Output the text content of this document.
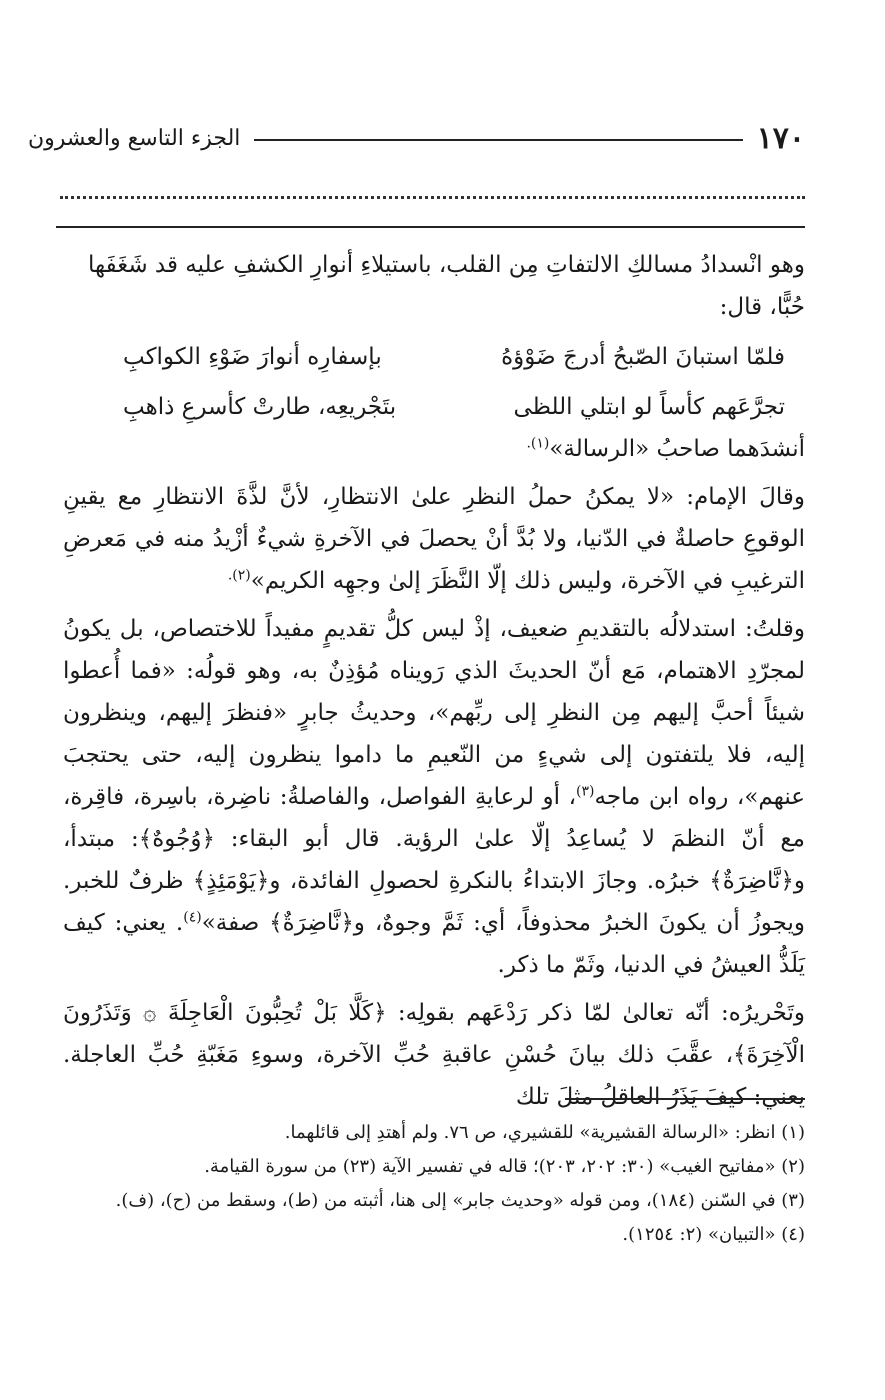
١٧٠
الجزء التاسع والعشرون

وهو انْسدادُ مسالكِ الالتفاتِ مِن القلب، باستيلاءِ أنوارِ الكشفِ عليه قد شَغَفَها حُبًّا، قال:

فلمّا استبانَ الصّبحُ أدرجَ ضَوْؤهُ
بإسفارِه أنوارَ ضَوْءِ الكواكبِ
تجرَّعَهم كأساً لو ابتلي اللظى
بتَجْريعِه، طارتْ كأسرعِ ذاهبِ

أنشدَهما صاحبُ «الرسالة»$^{(١).}$

وقالَ الإمام: «لا يمكنُ حملُ النظرِ علىٰ الانتظارِ، لأنَّ لذَّةَ الانتظارِ مع يقينِ الوقوعِ حاصلةٌ في الدّنيا، ولا بُدَّ أنْ يحصلَ في الآخرةِ شيءٌ أزْيدُ منه في مَعرضِ الترغيبِ في الآخرة، وليس ذلك إلّا النَّظَرَ إلىٰ وجهِه الكريم»$^{(٢).}$

وقلتُ: استدلالُه بالتقديمِ ضعيف، إذْ ليس كلُّ تقديمٍ مفيداً للاختصاص، بل يكونُ لمجرّدِ الاهتمام، مَع أنّ الحديثَ الذي رَويناه مُؤذِنٌ به، وهو قولُه: «فما أُعطوا شيئاً أحبَّ إليهم مِن النظرِ إلى ربِّهم»، وحديثُ جابرٍ «فنظرَ إليهم، وينظرون إليه، فلا يلتفتون إلى شيءٍ من النّعيمِ ما داموا ينظرون إليه، حتى يحتجبَ عنهم»، رواه ابن ماجه$^{(٣)}$، أو لرعايةِ الفواصل، والفاصلةُ: ناضِرة، باسِرة، فاقِرة، مع أنّ النظمَ لا يُساعِدُ إلّا علىٰ الرؤية. قال أبو البقاء: ﴿وُجُوهٌ﴾: مبتدأ، و﴿نَّاضِرَةٌ﴾ خبرُه. وجازَ الابتداءُ بالنكرةِ لحصولِ الفائدة، و﴿يَوْمَئِذٍ﴾ ظرفٌ للخبر. ويجوزُ أن يكونَ الخبرُ محذوفاً، أي: ثَمَّ وجوهٌ، و﴿نَّاضِرَةٌ﴾ صفة»$^{(٤)}$. يعني: كيف يَلَذُّ العيشُ في الدنيا، وثَمّ ما ذكر.

وتَحْريرُه: أنّه تعالىٰ لمّا ذكر رَدْعَهم بقولِه: ﴿كَلَّا بَلْ تُحِبُّونَ الْعَاجِلَةَ ۞ وَتَذَرُونَ الْآخِرَةَ﴾، عقَّبَ ذلك بيانَ حُسْنِ عاقبةِ حُبِّ الآخرة، وسوءِ مَغَبّةِ حُبِّ العاجلة. يعني: كيفَ يَذَرُ العاقلُ مثلَ تلك

(١) انظر: «الرسالة القشيرية» للقشيري، ص ٧٦. ولم أهتدِ إلى قائلهما.

(٢) «مفاتيح الغيب» (٣٠: ٢٠٢، ٢٠٣)؛ قاله في تفسير الآية (٢٣) من سورة القيامة.

(٣) في السّنن (١٨٤)، ومن قوله «وحديث جابر» إلى هنا، أثبته من (ط)، وسقط من (ح)، (ف).

(٤) «التبيان» (٢: ١٢٥٤).
